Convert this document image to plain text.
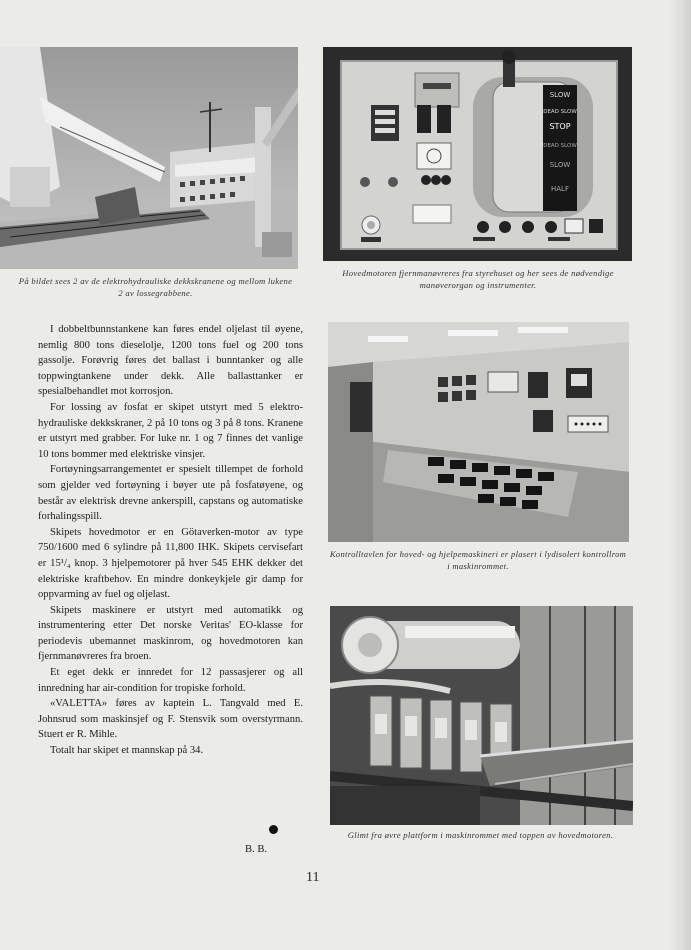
På bildet sees 2 av de elektrohydrauliske dekkskranene og mellom lukene 2 av lossegrabbene.
SLOW
DEAD SLOW
STOP
DEAD SLOW
SLOW
HALF
Hovedmotoren fjernmanøvreres fra styrehuset og her sees de nødvendige manøverorgan og instrumenter.
Kontrolltavlen for hoved- og hjelpemaskineri er plasert i lydisolert kontrollrom i maskinrommet.
Glimt fra øvre plattform i maskinrommet med toppen av hovedmotoren.

I dobbeltbunnstankene kan føres endel oljelast til øyene, nemlig 800 tons dieselolje, 1200 tons fuel og 200 tons gassolje. Forøvrig føres det ballast i bunntanker og alle toppwingtankene under dekk. Alle ballasttanker er spesialbehandlet mot korrosjon.

For lossing av fosfat er skipet utstyrt med 5 elektro-hydrauliske dekkskraner, 2 på 10 tons og 3 på 8 tons. Kranene er utstyrt med grabber. For luke nr. 1 og 7 finnes det vanlige 10 tons bommer med elektriske vinsjer.

Fortøyningsarrangementet er spesielt tillempet de forhold som gjelder ved fortøyning i bøyer ute på fosfatøyene, og består av elektrisk drevne ankerspill, capstans og automatiske forhalingsspill.

Skipets hovedmotor er en Götaverken-motor av type 750/1600 med 6 sylindre på 11,800 IHK. Skipets cervisefart er 15¹/₄ knop. 3 hjelpemotorer på hver 545 EHK dekker det elektriske kraftbehov. En mindre donkeykjele gir damp for oppvarming av fuel og oljelast.

Skipets maskinere er utstyrt med automatikk og instrumentering etter Det norske Veritas' EO-klasse for periodevis ubemannet maskinrom, og hovedmotoren kan fjernmanøvreres fra broen.

Et eget dekk er innredet for 12 passasjerer og all innredning har air-condition for tropiske forhold.

«VALETTA» føres av kaptein L. Tangvald med E. Johnsrud som maskinsjef og F. Stensvik som overstyrmann. Stuert er R. Mihle.

Totalt har skipet et mannskap på 34.

B. B.
11
